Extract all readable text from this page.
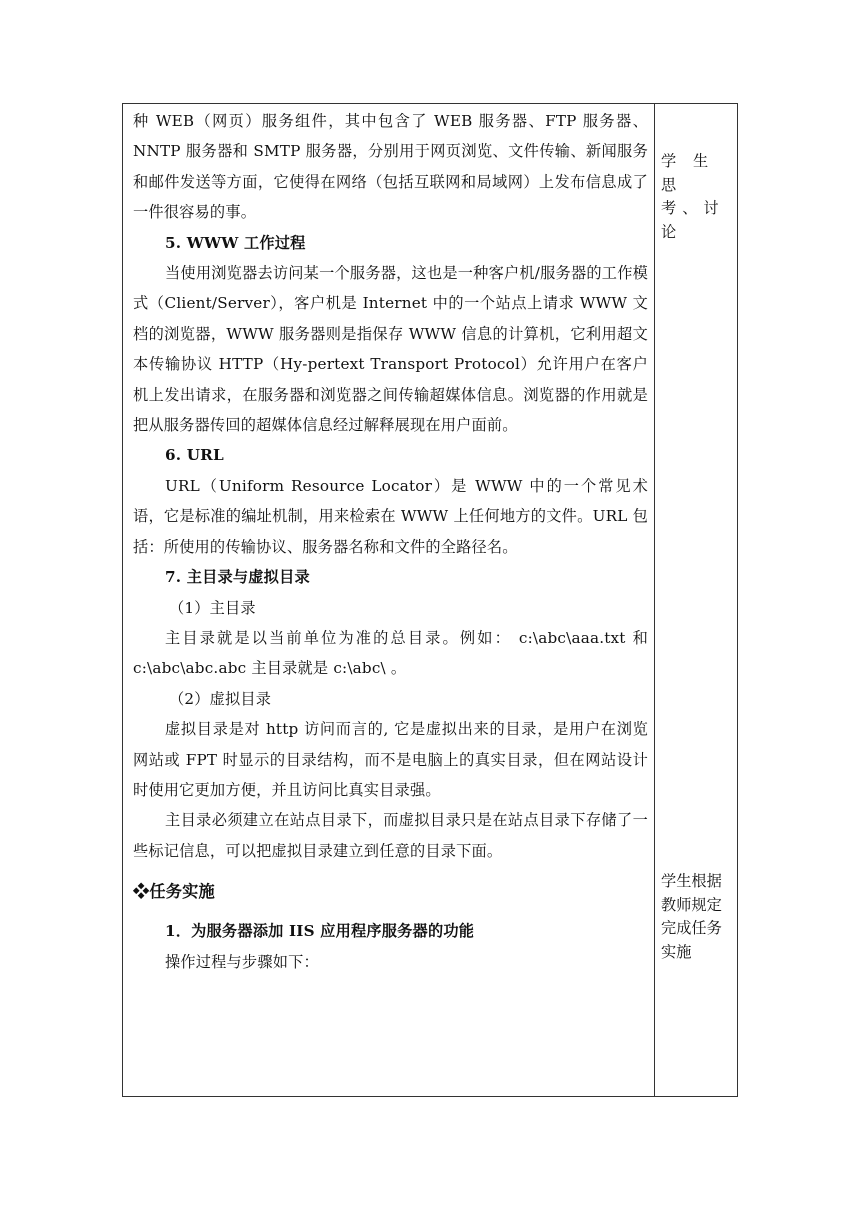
种 WEB（网页）服务组件，其中包含了 WEB 服务器、FTP 服务器、NNTP 服务器和 SMTP 服务器，分别用于网页浏览、文件传输、新闻服务和邮件发送等方面，它使得在网络（包括互联网和局域网）上发布信息成了一件很容易的事。

5. WWW 工作过程

当使用浏览器去访问某一个服务器，这也是一种客户机/服务器的工作模式（Client/Server），客户机是 Internet 中的一个站点上请求 WWW 文档的浏览器，WWW 服务器则是指保存 WWW 信息的计算机，它利用超文本传输协议 HTTP（Hy-pertext Transport Protocol）允许用户在客户机上发出请求，在服务器和浏览器之间传输超媒体信息。浏览器的作用就是把从服务器传回的超媒体信息经过解释展现在用户面前。

6. URL

URL（Uniform Resource Locator）是 WWW 中的一个常见术语，它是标准的编址机制，用来检索在 WWW 上任何地方的文件。URL 包括：所使用的传输协议、服务器名称和文件的全路径名。

7. 主目录与虚拟目录

（1）主目录

主目录就是以当前单位为准的总目录。例如： c:\abc\aaa.txt 和 c:\abc\abc.abc 主目录就是 c:\abc\ 。

（2）虚拟目录

虚拟目录是对 http 访问而言的, 它是虚拟出来的目录，是用户在浏览网站或 FPT 时显示的目录结构，而不是电脑上的真实目录，但在网站设计时使用它更加方便，并且访问比真实目录强。

主目录必须建立在站点目录下，而虚拟目录只是在站点目录下存储了一些标记信息，可以把虚拟目录建立到任意的目录下面。

❖任务实施

1．为服务器添加 IIS 应用程序服务器的功能

操作过程与步骤如下：

学 生 思 考、讨论

学生根据教师规定完成任务实施
